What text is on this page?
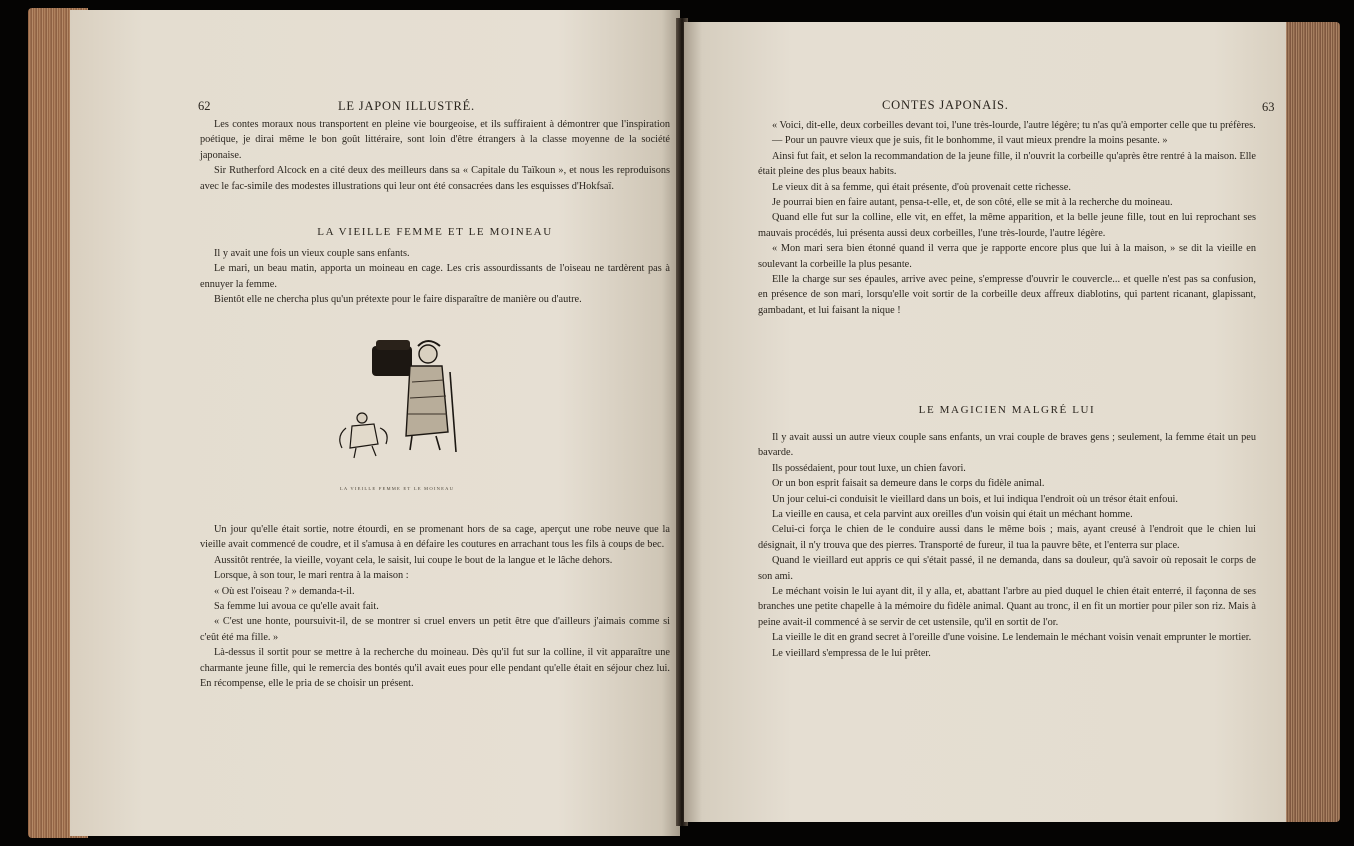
62	LE JAPON ILLUSTRÉ.

Les contes moraux nous transportent en pleine vie bourgeoise, et ils suffiraient à démontrer que l'inspiration poétique, je dirai même le bon goût littéraire, sont loin d'être étrangers à la classe moyenne de la société japonaise.

Sir Rutherford Alcock en a cité deux des meilleurs dans sa « Capitale du Taïkoun », et nous les reproduisons avec le fac-simile des modestes illustrations qui leur ont été consacrées dans les esquisses d'Hokfsaï.

LA VIEILLE FEMME ET LE MOINEAU

Il y avait une fois un vieux couple sans enfants.

Le mari, un beau matin, apporta un moineau en cage. Les cris assourdissants de l'oiseau ne tardèrent pas à ennuyer la femme.

Bientôt elle ne chercha plus qu'un prétexte pour le faire disparaître de manière ou d'autre.

LA VIEILLE FEMME ET LE MOINEAU

Un jour qu'elle était sortie, notre étourdi, en se promenant hors de sa cage, aperçut une robe neuve que la vieille avait commencé de coudre, et il s'amusa à en défaire les coutures en arrachant tous les fils à coups de bec.

Aussitôt rentrée, la vieille, voyant cela, le saisit, lui coupe le bout de la langue et le lâche dehors.

Lorsque, à son tour, le mari rentra à la maison :

« Où est l'oiseau ? » demanda-t-il.

Sa femme lui avoua ce qu'elle avait fait.

« C'est une honte, poursuivit-il, de se montrer si cruel envers un petit être que d'ailleurs j'aimais comme si c'eût été ma fille. »

Là-dessus il sortit pour se mettre à la recherche du moineau. Dès qu'il fut sur la colline, il vit apparaître une charmante jeune fille, qui le remercia des bontés qu'il avait eues pour elle pendant qu'elle était en séjour chez lui. En récompense, elle le pria de se choisir un présent.

CONTES JAPONAIS.	63

« Voici, dit-elle, deux corbeilles devant toi, l'une très-lourde, l'autre légère; tu n'as qu'à emporter celle que tu préfères.

— Pour un pauvre vieux que je suis, fit le bonhomme, il vaut mieux prendre la moins pesante. »

Ainsi fut fait, et selon la recommandation de la jeune fille, il n'ouvrit la corbeille qu'après être rentré à la maison. Elle était pleine des plus beaux habits.

Le vieux dit à sa femme, qui était présente, d'où provenait cette richesse.

Je pourrai bien en faire autant, pensa-t-elle, et, de son côté, elle se mit à la recherche du moineau.

Quand elle fut sur la colline, elle vit, en effet, la même apparition, et la belle jeune fille, tout en lui reprochant ses mauvais procédés, lui présenta aussi deux corbeilles, l'une très-lourde, l'autre légère.

« Mon mari sera bien étonné quand il verra que je rapporte encore plus que lui à la maison, » se dit la vieille en soulevant la corbeille la plus pesante.

Elle la charge sur ses épaules, arrive avec peine, s'empresse d'ouvrir le couvercle... et quelle n'est pas sa confusion, en présence de son mari, lorsqu'elle voit sortir de la corbeille deux affreux diablotins, qui partent ricanant, glapissant, gambadant, et lui faisant la nique !

LE MAGICIEN MALGRÉ LUI

Il y avait aussi un autre vieux couple sans enfants, un vrai couple de braves gens ; seulement, la femme était un peu bavarde.

Ils possédaient, pour tout luxe, un chien favori.

Or un bon esprit faisait sa demeure dans le corps du fidèle animal.

Un jour celui-ci conduisit le vieillard dans un bois, et lui indiqua l'endroit où un trésor était enfoui.

La vieille en causa, et cela parvint aux oreilles d'un voisin qui était un méchant homme.

Celui-ci força le chien de le conduire aussi dans le même bois ; mais, ayant creusé à l'endroit que le chien lui désignait, il n'y trouva que des pierres. Transporté de fureur, il tua la pauvre bête, et l'enterra sur place.

Quand le vieillard eut appris ce qui s'était passé, il ne demanda, dans sa douleur, qu'à savoir où reposait le corps de son ami.

Le méchant voisin le lui ayant dit, il y alla, et, abattant l'arbre au pied duquel le chien était enterré, il façonna de ses branches une petite chapelle à la mémoire du fidèle animal. Quant au tronc, il en fit un mortier pour piler son riz. Mais à peine avait-il commencé à se servir de cet ustensile, qu'il en sortit de l'or.

La vieille le dit en grand secret à l'oreille d'une voisine. Le lendemain le méchant voisin venait emprunter le mortier.

Le vieillard s'empressa de le lui prêter.
